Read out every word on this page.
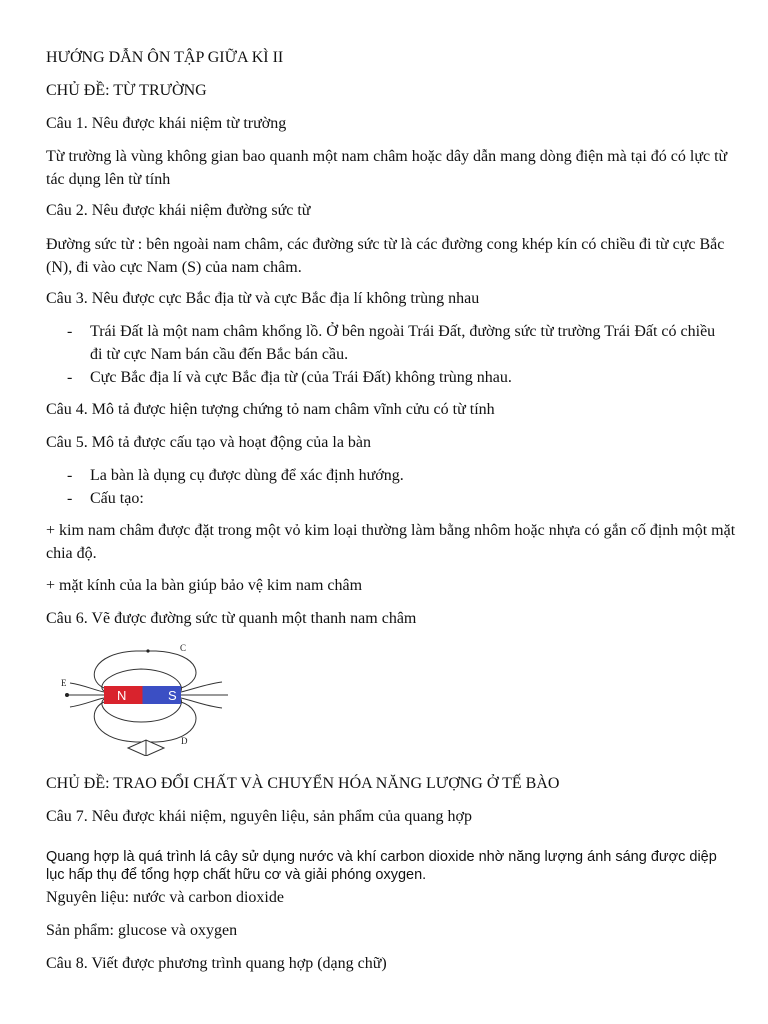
HƯỚNG DẪN ÔN TẬP GIỮA KÌ II
CHỦ ĐỀ: TỪ TRƯỜNG
Câu 1. Nêu được khái niệm từ trường
Từ trường là vùng không gian bao quanh một nam châm hoặc dây dẫn mang dòng điện mà tại đó có lực từ tác dụng lên từ tính
Câu 2. Nêu được khái niệm đường sức từ
Đường sức từ : bên ngoài nam châm, các đường sức từ là các đường cong khép kín có chiều đi từ cực Bắc (N), đi vào cực Nam (S) của nam châm.
Câu 3. Nêu được cực Bắc địa từ và cực Bắc địa lí không trùng nhau
- Trái Đất là một nam châm khổng lồ. Ở bên ngoài Trái Đất, đường sức từ trường Trái Đất có chiều đi từ cực Nam bán cầu đến Bắc bán cầu.
- Cực Bắc địa lí và cực Bắc địa từ (của Trái Đất) không trùng nhau.
Câu 4. Mô tả được hiện tượng chứng tỏ nam châm vĩnh cửu có từ tính
Câu 5. Mô tả được cấu tạo và hoạt động của la bàn
- La bàn là dụng cụ được dùng để xác định hướng.
- Cấu tạo:
+ kim nam châm được đặt trong một vỏ kim loại thường làm bằng nhôm hoặc nhựa có gắn cố định một mặt chia độ.
+ mặt kính của la bàn giúp bảo vệ kim nam châm
Câu 6. Vẽ được đường sức từ quanh một thanh nam châm
N	S
C
D
E
CHỦ ĐỀ: TRAO ĐỔI CHẤT VÀ CHUYỂN HÓA NĂNG LƯỢNG Ở TẾ BÀO
Câu 7. Nêu được khái niệm, nguyên liệu, sản phẩm của quang hợp
Quang hợp là quá trình lá cây sử dụng nước và khí carbon dioxide nhờ năng lượng ánh sáng được diệp lục hấp thụ để tổng hợp chất hữu cơ và giải phóng oxygen.
Nguyên liệu: nước và carbon dioxide
Sản phẩm: glucose và oxygen
Câu 8. Viết được phương trình quang hợp (dạng chữ)
